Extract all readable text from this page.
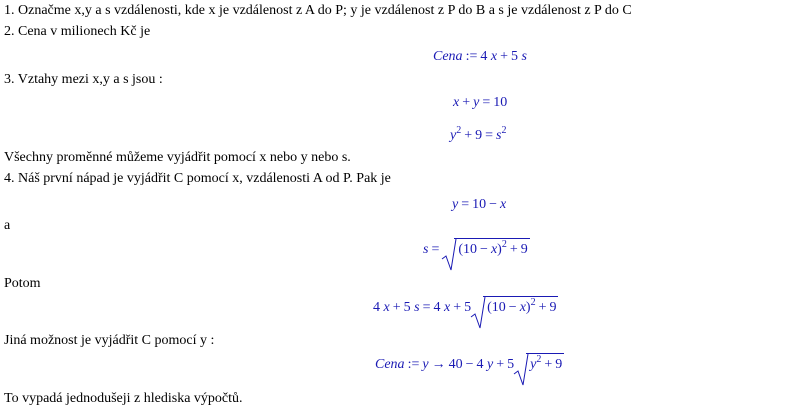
1. Označme x,y a s vzdálenosti, kde x je vzdálenost z A do P; y je vzdálenost z P do B a s je vzdálenost z P do C
2. Cena v milionech Kč je
Cena := 4 x + 5 s
3. Vztahy mezi x,y a s jsou :
x + y = 10
$y^2 + 9 = s^2$
Všechny proměnné můžeme vyjádřit pomocí x nebo y nebo s.
4. Náš první nápad je vyjádřit C pomocí x, vzdálenosti A od P. Pak je
y = 10 − x
a
$s = (10 - x)^2 + 9$
Potom
4 x + 5 s = 4 x + 5 $(10 - x)^2 + 9$
Jiná možnost je vyjádřit C pomocí y :
Cena := y → 40 − 4 y + 5 $y^2 + 9$
To vypadá jednodušeji z hlediska výpočtů.
